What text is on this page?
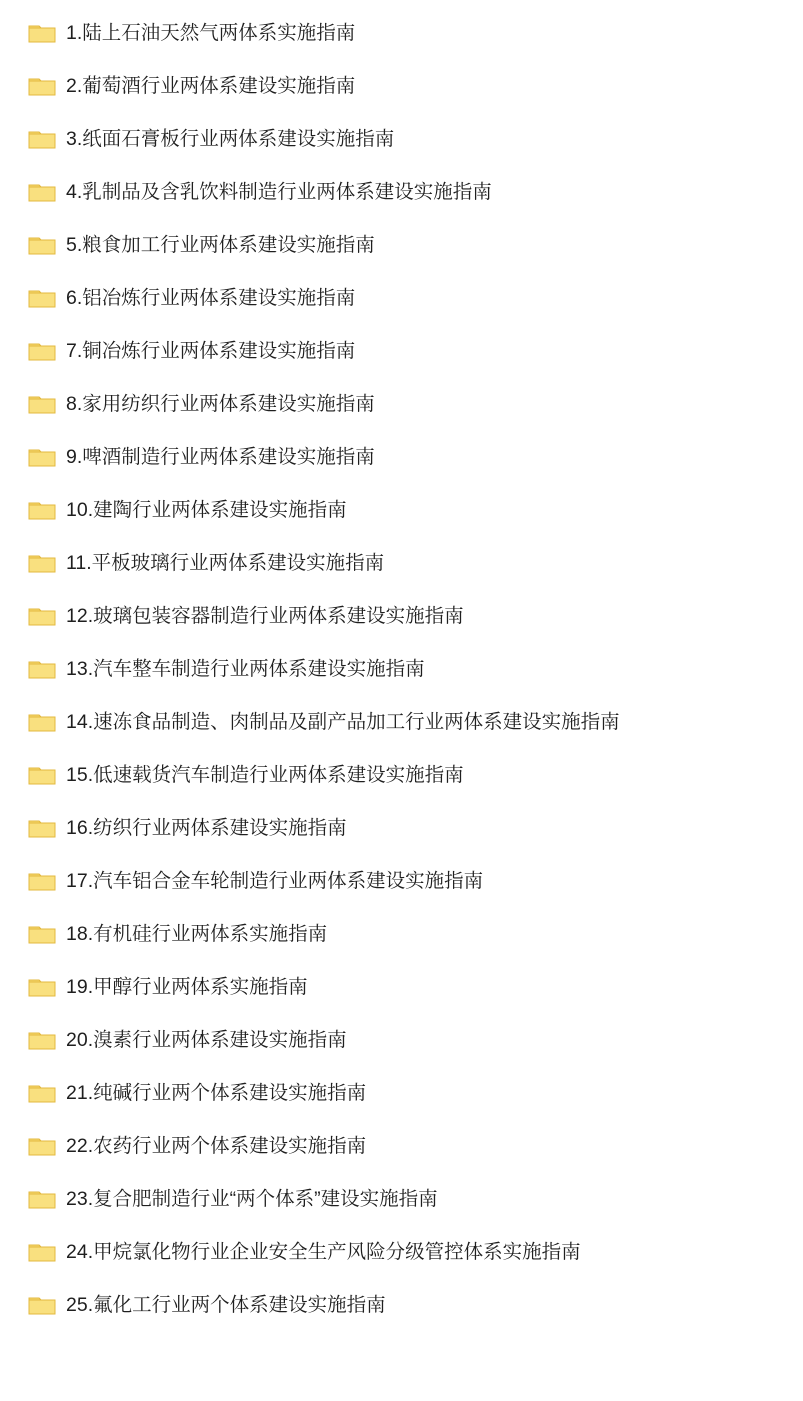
1.陆上石油天然气两体系实施指南
2.葡萄酒行业两体系建设实施指南
3.纸面石膏板行业两体系建设实施指南
4.乳制品及含乳饮料制造行业两体系建设实施指南
5.粮食加工行业两体系建设实施指南
6.铝冶炼行业两体系建设实施指南
7.铜冶炼行业两体系建设实施指南
8.家用纺织行业两体系建设实施指南
9.啤酒制造行业两体系建设实施指南
10.建陶行业两体系建设实施指南
11.平板玻璃行业两体系建设实施指南
12.玻璃包装容器制造行业两体系建设实施指南
13.汽车整车制造行业两体系建设实施指南
14.速冻食品制造、肉制品及副产品加工行业两体系建设实施指南
15.低速载货汽车制造行业两体系建设实施指南
16.纺织行业两体系建设实施指南
17.汽车铝合金车轮制造行业两体系建设实施指南
18.有机硅行业两体系实施指南
19.甲醇行业两体系实施指南
20.溴素行业两体系建设实施指南
21.纯碱行业两个体系建设实施指南
22.农药行业两个体系建设实施指南
23.复合肥制造行业“两个体系”建设实施指南
24.甲烷氯化物行业企业安全生产风险分级管控体系实施指南
25.氟化工行业两个体系建设实施指南
